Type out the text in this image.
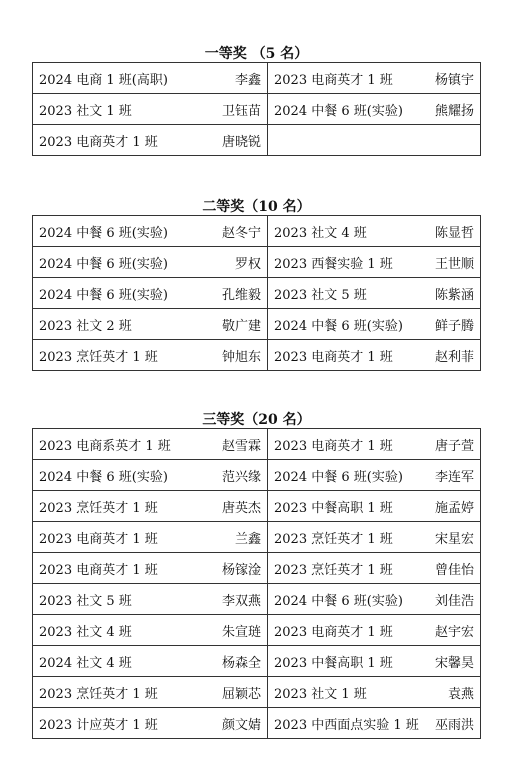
一等奖 （5 名）
2024 电商 1 班(高职) 李鑫	2023 电商英才 1 班 杨镇宇

2023 社文 1 班 卫钰苗	2024 中餐 6 班(实验) 熊耀扬

2023 电商英才 1 班 唐晓锐	

二等奖（10 名）
2024 中餐 6 班(实验) 赵冬宁	2023 社文 4 班 陈显哲

2024 中餐 6 班(实验) 罗权	2023 西餐实验 1 班 王世顺

2024 中餐 6 班(实验) 孔维毅	2023 社文 5 班 陈紫涵

2023 社文 2 班 敬广建	2024 中餐 6 班(实验) 鲜子腾

2023 烹饪英才 1 班 钟旭东	2023 电商英才 1 班 赵利菲
三等奖（20 名）
2023 电商系英才 1 班 赵雪霖	2023 电商英才 1 班 唐子萱

2024 中餐 6 班(实验) 范兴缘	2024 中餐 6 班(实验) 李连军

2023 烹饪英才 1 班 唐英杰	2023 中餐高职 1 班 施孟婷

2023 电商英才 1 班 兰鑫	2023 烹饪英才 1 班 宋星宏

2023 电商英才 1 班 杨镓淦	2023 烹饪英才 1 班 曾佳怡

2023 社文 5 班 李双燕	2024 中餐 6 班(实验) 刘佳浩

2023 社文 4 班 朱宣琏	2023 电商英才 1 班 赵宇宏

2024 社文 4 班 杨森全	2023 中餐高职 1 班 宋馨昊

2023 烹饪英才 1 班 屈颖芯	2023 社文 1 班 袁燕

2023 计应英才 1 班 颜文婧	2023 中西面点实验 1 班 巫雨洪
